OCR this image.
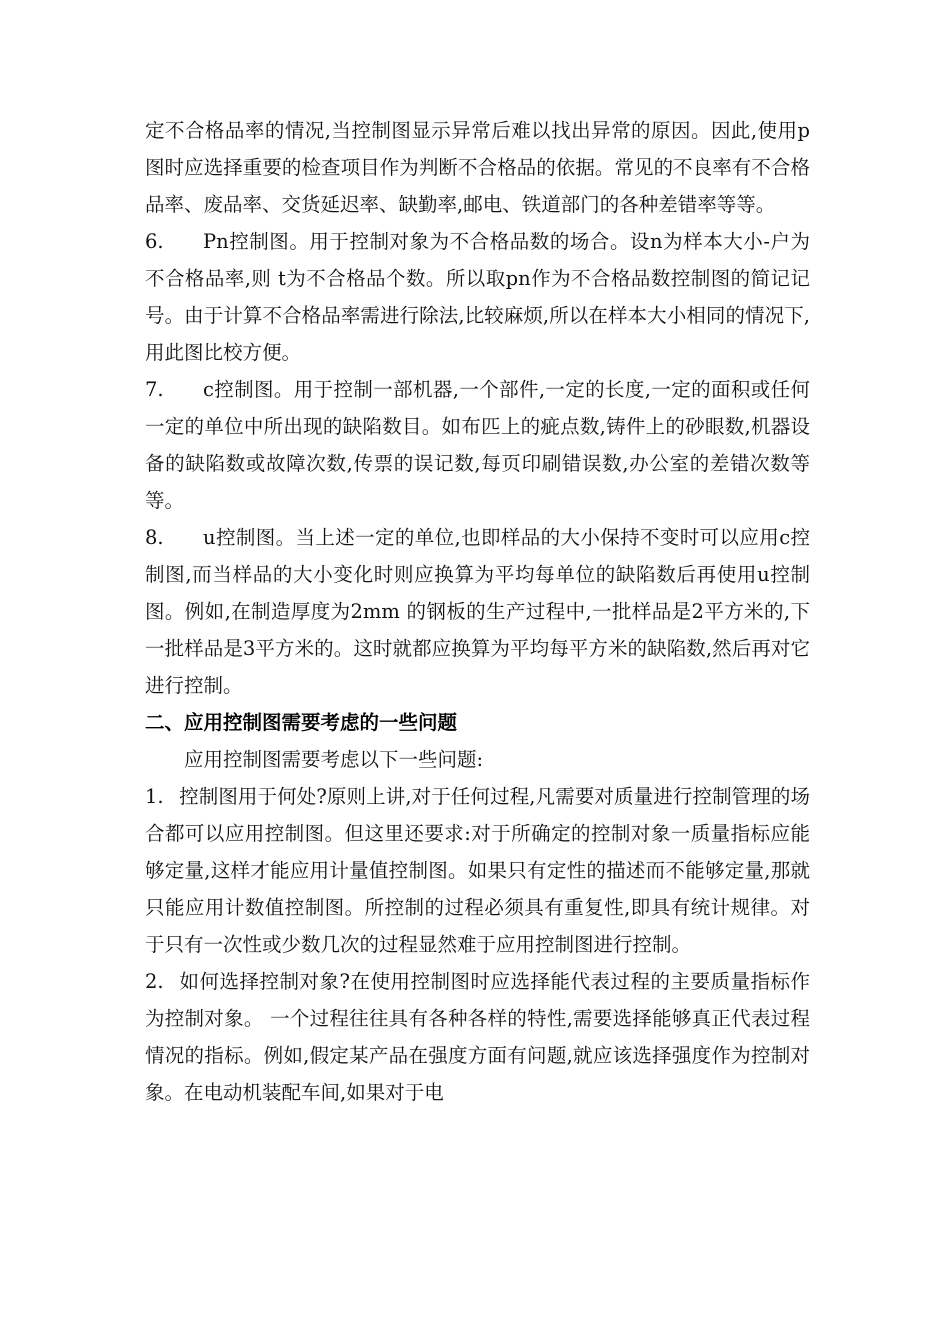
定不合格品率的情况,当控制图显示异常后难以找出异常的原因。因此,使用p图时应选择重要的检查项目作为判断不合格品的依据。常见的不良率有不合格品率、废品率、交货延迟率、缺勤率,邮电、铁道部门的各种差错率等等。

6. Pn控制图。用于控制对象为不合格品数的场合。设n为样本大小-户为不合格品率,则 t为不合格品个数。所以取pn作为不合格品数控制图的简记记号。由于计算不合格品率需进行除法,比较麻烦,所以在样本大小相同的情况下,用此图比校方便。

7. c控制图。用于控制一部机器,一个部件,一定的长度,一定的面积或任何一定的单位中所出现的缺陷数目。如布匹上的疵点数,铸件上的砂眼数,机器设备的缺陷数或故障次数,传票的误记数,每页印刷错误数,办公室的差错次数等等。

8. u控制图。当上述一定的单位,也即样品的大小保持不变时可以应用c控制图,而当样品的大小变化时则应换算为平均每单位的缺陷数后再使用u控制图。例如,在制造厚度为2mm 的钢板的生产过程中,一批样品是2平方米的,下一批样品是3平方米的。这时就都应换算为平均每平方米的缺陷数,然后再对它进行控制。

二、应用控制图需要考虑的一些问题

应用控制图需要考虑以下一些问题:

1. 控制图用于何处?原则上讲,对于任何过程,凡需要对质量进行控制管理的场合都可以应用控制图。但这里还要求:对于所确定的控制对象一质量指标应能够定量,这样才能应用计量值控制图。如果只有定性的描述而不能够定量,那就只能应用计数值控制图。所控制的过程必须具有重复性,即具有统计规律。对于只有一次性或少数几次的过程显然难于应用控制图进行控制。

2. 如何选择控制对象?在使用控制图时应选择能代表过程的主要质量指标作为控制对象。 一个过程往往具有各种各样的特性,需要选择能够真正代表过程情况的指标。例如,假定某产品在强度方面有问题,就应该选择强度作为控制对象。在电动机装配车间,如果对于电
